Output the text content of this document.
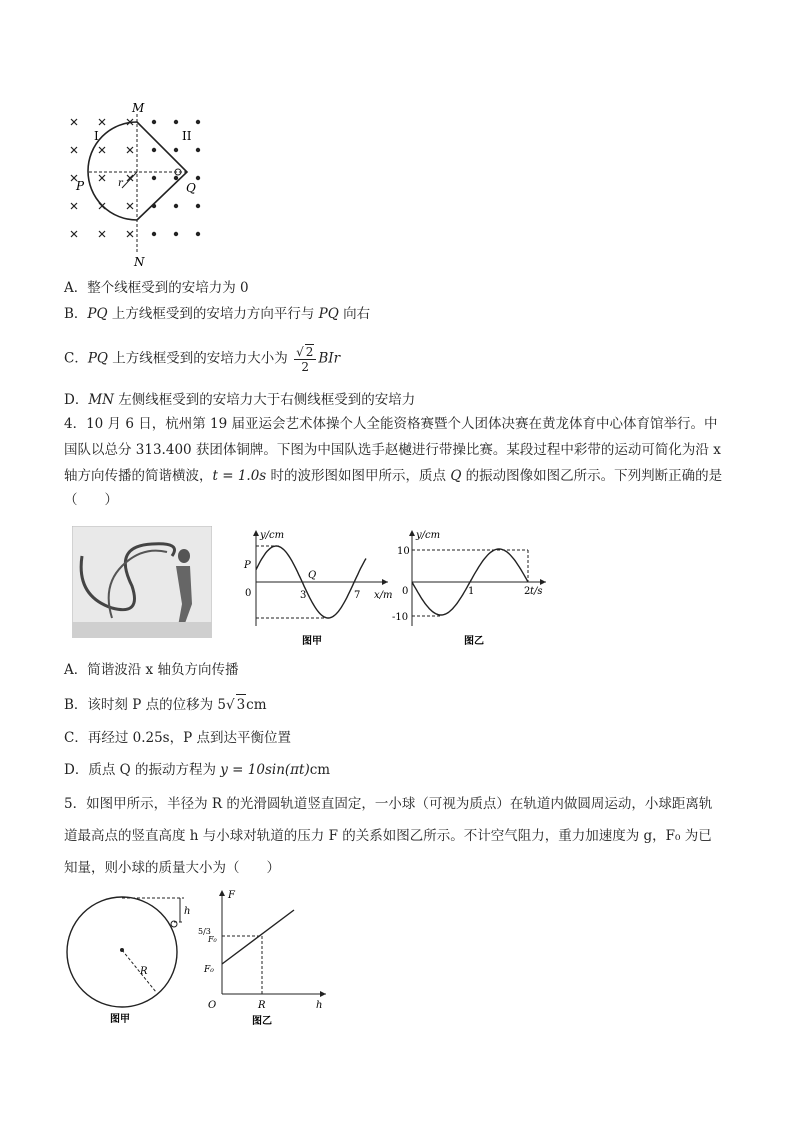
M
N
P	Q
I	II
r
A．整个线框受到的安培力为 0
B．PQ 上方线框受到的安培力方向平行与 PQ 向右
C．PQ 上方线框受到的安培力大小为 $\frac{√ 2}{2}$ BIr
D．MN 左侧线框受到的安培力大于右侧线框受到的安培力
4．10 月 6 日，杭州第 19 届亚运会艺术体操个人全能资格赛暨个人团体决赛在黄龙体育中心体育馆举行。中
国队以总分 313.400 获团体铜牌。下图为中国队选手赵樾进行带操比赛。某段过程中彩带的运动可简化为沿 x
轴方向传播的简谐横波，t = 1.0s 时的波形图如图甲所示，质点 Q 的振动图像如图乙所示。下列判断正确的是
（　　）
y/cm
x/m
0	3	7
P
Q
图甲
y/cm
t/s
10
-10
0	1	2
图乙
A．简谐波沿 x 轴负方向传播
B．该时刻 P 点的位移为 5√ 3cm
C．再经过 0.25s，P 点到达平衡位置
D．质点 Q 的振动方程为 y = 10sin(πt)cm
5．如图甲所示，半径为 R 的光滑圆轨道竖直固定，一小球（可视为质点）在轨道内做圆周运动，小球距离轨
道最高点的竖直高度 h 与小球对轨道的压力 F 的关系如图乙所示。不计空气阻力，重力加速度为 g，F₀ 为已
知量，则小球的质量大小为（　　）
h
R
图甲
F
h
O	R
F₀
5/3
F₀
图乙
